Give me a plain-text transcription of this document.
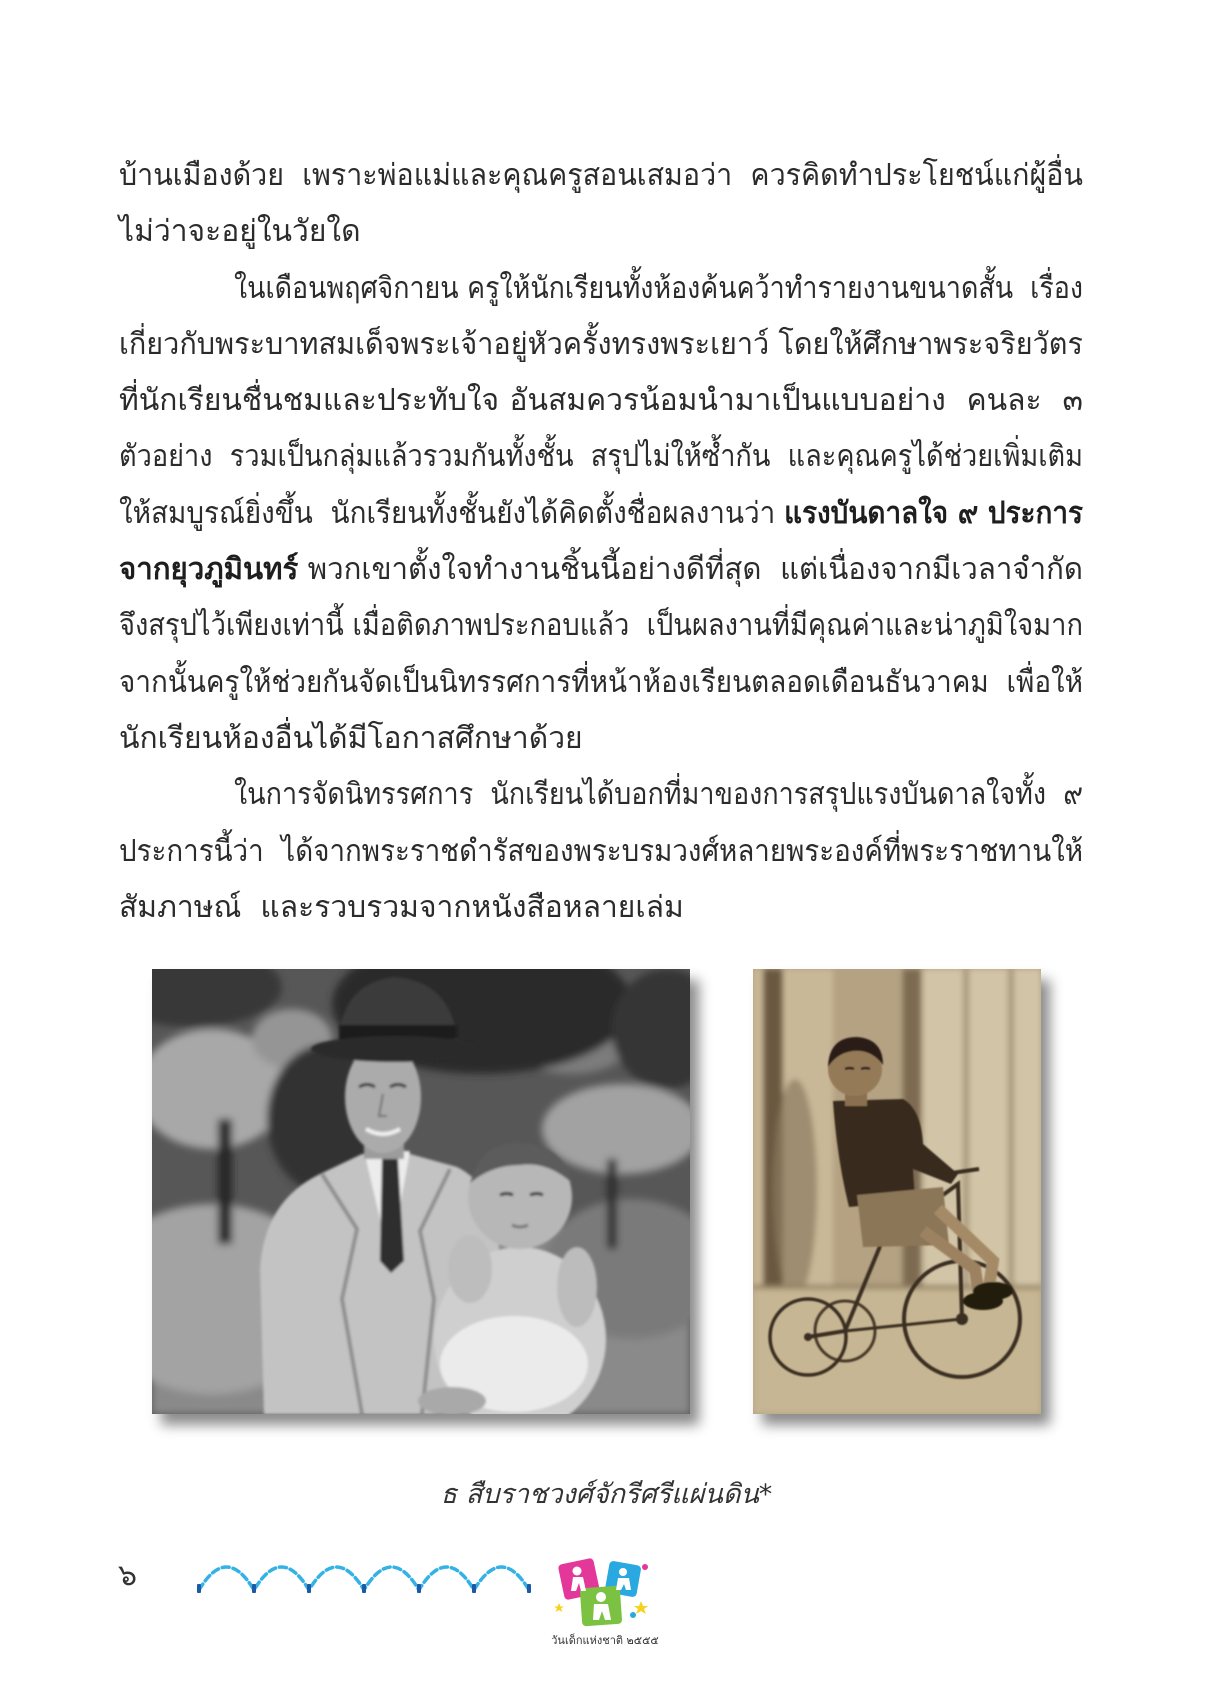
บ้านเมืองด้วย  เพราะพ่อแม่และคุณครูสอนเสมอว่า  ควรคิดทำประโยชน์แก่ผู้อื่น
ไม่ว่าจะอยู่ในวัยใด
ในเดือนพฤศจิกายน ครูให้นักเรียนทั้งห้องค้นคว้าทำรายงานขนาดสั้น  เรื่อง
เกี่ยวกับพระบาทสมเด็จพระเจ้าอยู่หัวครั้งทรงพระเยาว์ โดยให้ศึกษาพระจริยวัตร
ที่นักเรียนชื่นชมและประทับใจ อันสมควรน้อมนำมาเป็นแบบอย่าง  คนละ  ๓
ตัวอย่าง  รวมเป็นกลุ่มแล้วรวมกันทั้งชั้น  สรุปไม่ให้ซ้ำกัน  และคุณครูได้ช่วยเพิ่มเติม
ให้สมบูรณ์ยิ่งขึ้น  นักเรียนทั้งชั้นยังได้คิดตั้งชื่อผลงานว่า แรงบันดาลใจ ๙ ประการ
จากยุวภูมินทร์ พวกเขาตั้งใจทำงานชิ้นนี้อย่างดีที่สุด  แต่เนื่องจากมีเวลาจำกัด
จึงสรุปไว้เพียงเท่านี้ เมื่อติดภาพประกอบแล้ว  เป็นผลงานที่มีคุณค่าและน่าภูมิใจมาก
จากนั้นครูให้ช่วยกันจัดเป็นนิทรรศการที่หน้าห้องเรียนตลอดเดือนธันวาคม  เพื่อให้
นักเรียนห้องอื่นได้มีโอกาสศึกษาด้วย
ในการจัดนิทรรศการ  นักเรียนได้บอกที่มาของการสรุปแรงบันดาลใจทั้ง  ๙
ประการนี้ว่า  ได้จากพระราชดำรัสของพระบรมวงศ์หลายพระองค์ที่พระราชทานให้
สัมภาษณ์  และรวบรวมจากหนังสือหลายเล่ม
ธ สืบราชวงศ์จักรีศรีแผ่นดิน*
๖
วันเด็กแห่งชาติ ๒๕๕๕
